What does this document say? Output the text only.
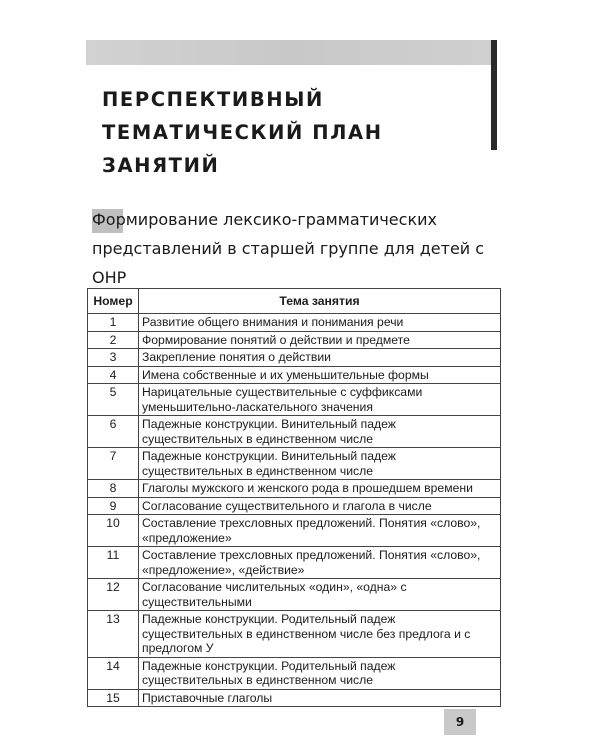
ПЕРСПЕКТИВНЫЙ ТЕМАТИЧЕСКИЙ ПЛАН ЗАНЯТИЙ

Формирование лексико-грамматических представлений в старшей группе для детей с ОНР

Номер	Тема занятия
1	Развитие общего внимания и понимания речи
2	Формирование понятий о действии и предмете
3	Закрепление понятия о действии
4	Имена собственные и их уменьшительные формы
5	Нарицательные существительные с суффиксами уменьшительно-ласкательного значения
6	Падежные конструкции. Винительный падеж существительных в единственном числе
7	Падежные конструкции. Винительный падеж существительных в единственном числе
8	Глаголы мужского и женского рода в прошедшем времени
9	Согласование существительного и глагола в числе
10	Составление трехсловных предложений. Понятия «слово», «предложение»
11	Составление трехсловных предложений. Понятия «слово», «предложение», «действие»
12	Согласование числительных «один», «одна» с существительными
13	Падежные конструкции. Родительный падеж существительных в единственном числе без предлога и с предлогом У
14	Падежные конструкции. Родительный падеж существительных в единственном числе
15	Приставочные глаголы
9
